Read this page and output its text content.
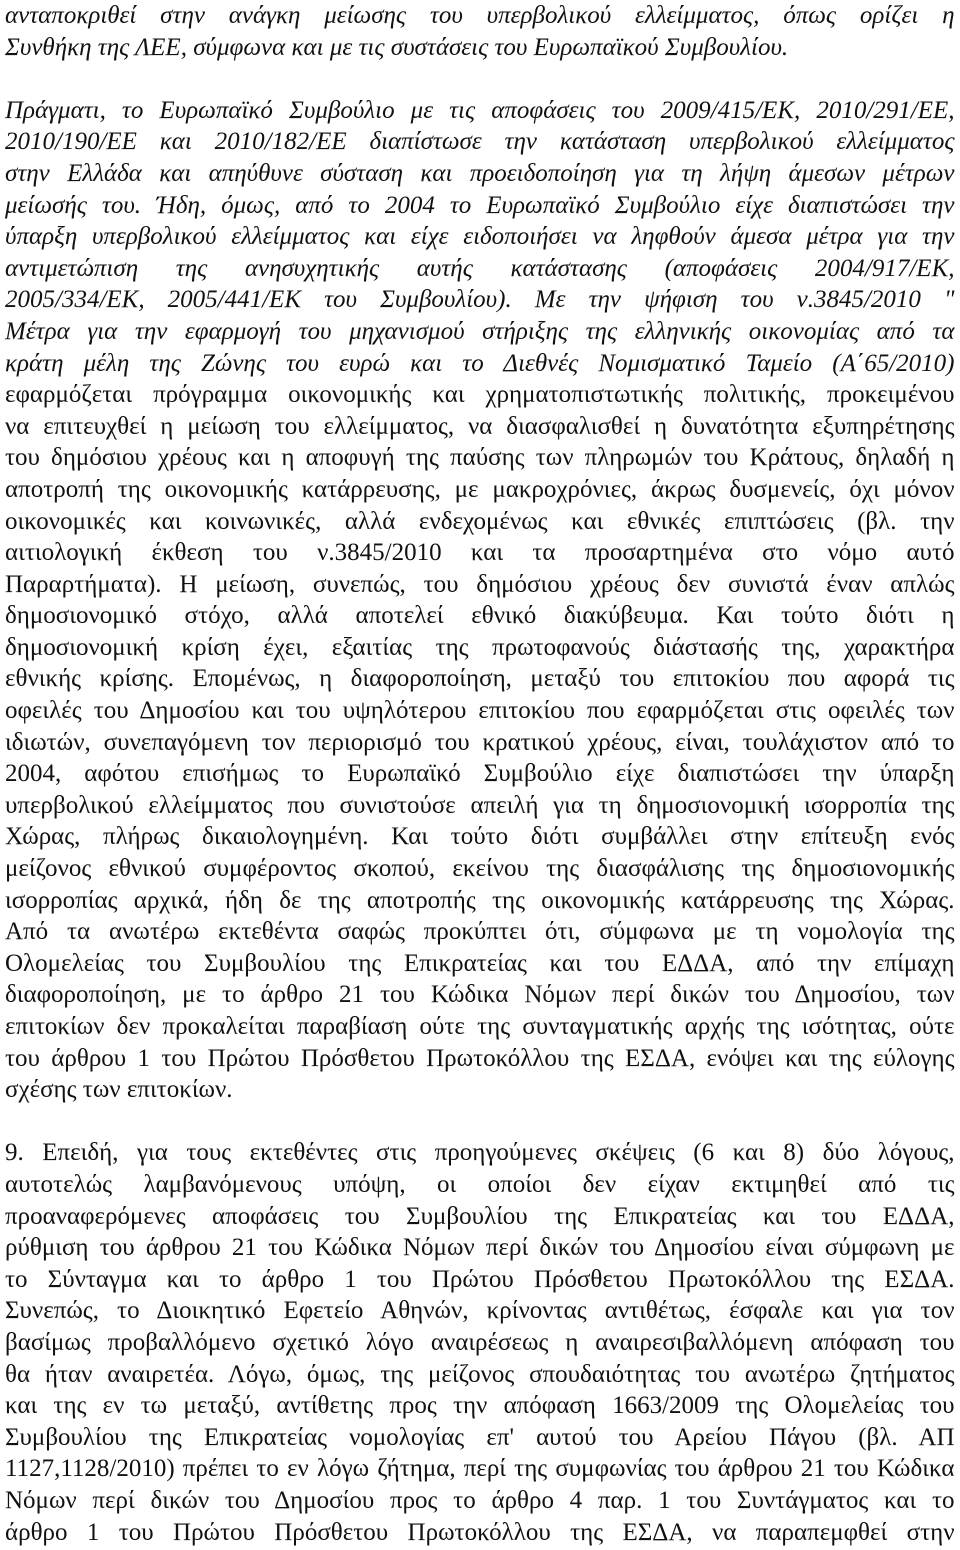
ανταποκριθεί στην ανάγκη μείωσης του υπερβολικού ελλείμματος, όπως ορίζει η
Συνθήκη της ΛΕΕ, σύμφωνα και με τις συστάσεις του Ευρωπαϊκού Συμβουλίου.
Πράγματι, το Ευρωπαϊκό Συμβούλιο με τις αποφάσεις του 2009/415/ΕΚ, 2010/291/ΕΕ,
2010/190/ΕΕ και 2010/182/ΕΕ διαπίστωσε την κατάσταση υπερβολικού ελλείμματος
στην Ελλάδα και απηύθυνε σύσταση και προειδοποίηση για τη λήψη άμεσων μέτρων
μείωσής του. Ήδη, όμως, από το 2004 το Ευρωπαϊκό Συμβούλιο είχε διαπιστώσει την
ύπαρξη υπερβολικού ελλείμματος και είχε ειδοποιήσει να ληφθούν άμεσα μέτρα για την
αντιμετώπιση της ανησυχητικής αυτής κατάστασης (αποφάσεις 2004/917/ΕΚ,
2005/334/ΕΚ, 2005/441/ΕΚ του Συμβουλίου). Με την ψήφιση του ν.3845/2010 "
Μέτρα για την εφαρμογή του μηχανισμού στήριξης της ελληνικής οικονομίας από τα
κράτη μέλη της Ζώνης του ευρώ και το Διεθνές Νομισματικό Ταμείο (Α΄65/2010)
εφαρμόζεται πρόγραμμα οικονομικής και χρηματοπιστωτικής πολιτικής, προκειμένου
να επιτευχθεί η μείωση του ελλείμματος, να διασφαλισθεί η δυνατότητα εξυπηρέτησης
του δημόσιου χρέους και η αποφυγή της παύσης των πληρωμών του Κράτους, δηλαδή η
αποτροπή της οικονομικής κατάρρευσης, με μακροχρόνιες, άκρως δυσμενείς, όχι μόνον
οικονομικές και κοινωνικές, αλλά ενδεχομένως και εθνικές επιπτώσεις (βλ. την
αιτιολογική έκθεση του ν.3845/2010 και τα προσαρτημένα στο νόμο αυτό
Παραρτήματα). Η μείωση, συνεπώς, του δημόσιου χρέους δεν συνιστά έναν απλώς
δημοσιονομικό στόχο, αλλά αποτελεί εθνικό διακύβευμα. Και τούτο διότι η
δημοσιονομική κρίση έχει, εξαιτίας της πρωτοφανούς διάστασής της, χαρακτήρα
εθνικής κρίσης. Επομένως, η διαφοροποίηση, μεταξύ του επιτοκίου που αφορά τις
οφειλές του Δημοσίου και του υψηλότερου επιτοκίου που εφαρμόζεται στις οφειλές των
ιδιωτών, συνεπαγόμενη τον περιορισμό του κρατικού χρέους, είναι, τουλάχιστον από το
2004, αφότου επισήμως το Ευρωπαϊκό Συμβούλιο είχε διαπιστώσει την ύπαρξη
υπερβολικού ελλείμματος που συνιστούσε απειλή για τη δημοσιονομική ισορροπία της
Χώρας, πλήρως δικαιολογημένη. Και τούτο διότι συμβάλλει στην επίτευξη ενός
μείζονος εθνικού συμφέροντος σκοπού, εκείνου της διασφάλισης της δημοσιονομικής
ισορροπίας αρχικά, ήδη δε της αποτροπής της οικονομικής κατάρρευσης της Χώρας.
Από τα ανωτέρω εκτεθέντα σαφώς προκύπτει ότι, σύμφωνα με τη νομολογία της
Ολομελείας του Συμβουλίου της Επικρατείας και του ΕΔΔΑ, από την επίμαχη
διαφοροποίηση, με το άρθρο 21 του Κώδικα Νόμων περί δικών του Δημοσίου, των
επιτοκίων δεν προκαλείται παραβίαση ούτε της συνταγματικής αρχής της ισότητας, ούτε
του άρθρου 1 του Πρώτου Πρόσθετου Πρωτοκόλλου της ΕΣΔΑ, ενόψει και της εύλογης
σχέσης των επιτοκίων.
9. Επειδή, για τους εκτεθέντες στις προηγούμενες σκέψεις (6 και 8) δύο λόγους,
αυτοτελώς λαμβανόμενους υπόψη, οι οποίοι δεν είχαν εκτιμηθεί από τις
προαναφερόμενες αποφάσεις του Συμβουλίου της Επικρατείας και του ΕΔΔΑ,
ρύθμιση του άρθρου 21 του Κώδικα Νόμων περί δικών του Δημοσίου είναι σύμφωνη με
το Σύνταγμα και το άρθρο 1 του Πρώτου Πρόσθετου Πρωτοκόλλου της ΕΣΔΑ.
Συνεπώς, το Διοικητικό Εφετείο Αθηνών, κρίνοντας αντιθέτως, έσφαλε και για τον
βασίμως προβαλλόμενο σχετικό λόγο αναιρέσεως η αναιρεσιβαλλόμενη απόφαση του
θα ήταν αναιρετέα. Λόγω, όμως, της μείζονος σπουδαιότητας του ανωτέρω ζητήματος
και της εν τω μεταξύ, αντίθετης προς την απόφαση 1663/2009 της Ολομελείας του
Συμβουλίου της Επικρατείας νομολογίας επ' αυτού του Αρείου Πάγου (βλ. ΑΠ
1127,1128/2010) πρέπει το εν λόγω ζήτημα, περί της συμφωνίας του άρθρου 21 του Κώδικα
Νόμων περί δικών του Δημοσίου προς το άρθρο 4 παρ. 1 του Συντάγματος και το
άρθρο 1 του Πρώτου Πρόσθετου Πρωτοκόλλου της ΕΣΔΑ, να παραπεμφθεί στην
